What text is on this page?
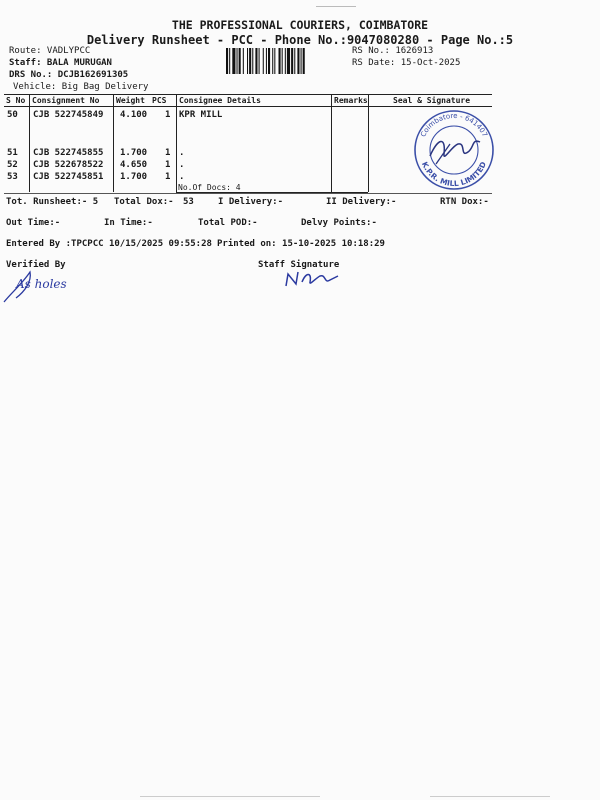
THE PROFESSIONAL COURIERS, COIMBATORE
Delivery Runsheet - PCC - Phone No.:9047080280 - Page No.:5
Route: VADLYPCC
Staff: BALA MURUGAN
DRS No.: DCJB162691305
Vehicle: Big Bag Delivery
RS No.: 1626913
RS Date: 15-Oct-2025
S No Consignment No Weight PCS Consignee Details	Remarks	Seal & Signature
50 CJB 522745849 4.100 1 KPR MILL
51 CJB 522745855 1.700 1 .
52 CJB 522678522 4.650 1 .
53 CJB 522745851 1.700 1 .
No.Of Docs: 4
Coimbatore - 641407
K.P.R. MILL LIMITED
Tot. Runsheet:- 5 Total Dox:- 53	I Delivery:-	II Delivery:-	RTN Dox:-
Out Time:-	In Time:-	Total POD:-	Delvy Points:-
Entered By :TPCPCC 10/15/2025 09:55:28 Printed on: 15-10-2025 10:18:29
Verified By	Staff Signature
As holes
